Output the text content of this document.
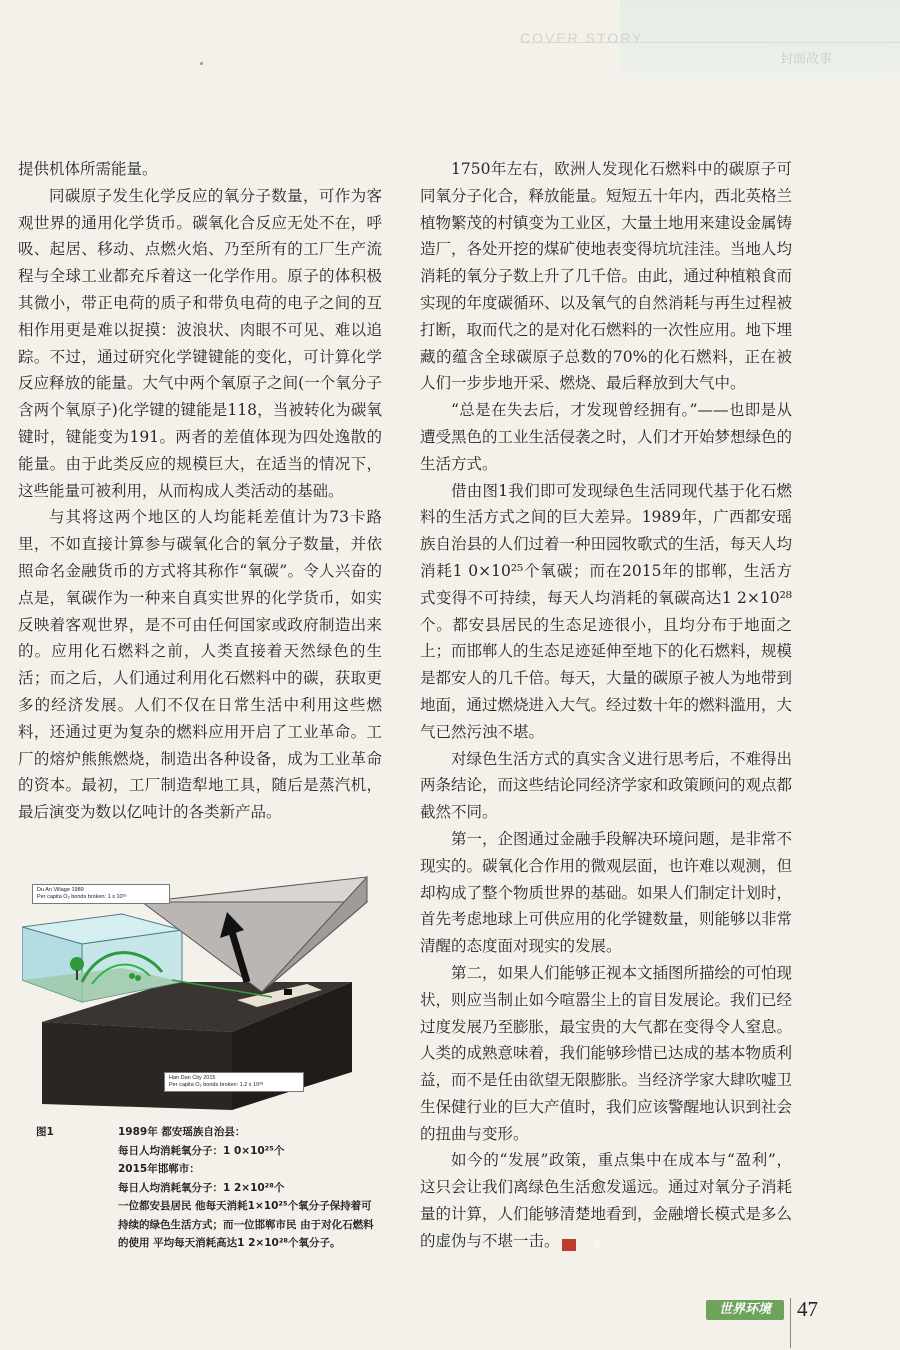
COVER STORY
封面故事

提供机体所需能量。

同碳原子发生化学反应的氧分子数量，可作为客观世界的通用化学货币。碳氧化合反应无处不在，呼吸、起居、移动、点燃火焰、乃至所有的工厂生产流程与全球工业都充斥着这一化学作用。原子的体积极其微小，带正电荷的质子和带负电荷的电子之间的互相作用更是难以捉摸：波浪状、肉眼不可见、难以追踪。不过，通过研究化学键键能的变化，可计算化学反应释放的能量。大气中两个氧原子之间(一个氧分子含两个氧原子)化学键的键能是118，当被转化为碳氧键时，键能变为191。两者的差值体现为四处逸散的能量。由于此类反应的规模巨大，在适当的情况下，这些能量可被利用，从而构成人类活动的基础。

与其将这两个地区的人均能耗差值计为73卡路里，不如直接计算参与碳氧化合的氧分子数量，并依照命名金融货币的方式将其称作“氧碳”。令人兴奋的点是，氧碳作为一种来自真实世界的化学货币，如实反映着客观世界，是不可由任何国家或政府制造出来的。应用化石燃料之前，人类直接着天然绿色的生活；而之后，人们通过利用化石燃料中的碳，获取更多的经济发展。人们不仅在日常生活中利用这些燃料，还通过更为复杂的燃料应用开启了工业革命。工厂的熔炉熊熊燃烧，制造出各种设备，成为工业革命的资本。最初，工厂制造犁地工具，随后是蒸汽机，最后演变为数以亿吨计的各类新产品。

1750年左右，欧洲人发现化石燃料中的碳原子可同氧分子化合，释放能量。短短五十年内，西北英格兰植物繁茂的村镇变为工业区，大量土地用来建设金属铸造厂，各处开挖的煤矿使地表变得坑坑洼洼。当地人均消耗的氧分子数上升了几千倍。由此，通过种植粮食而实现的年度碳循环、以及氧气的自然消耗与再生过程被打断，取而代之的是对化石燃料的一次性应用。地下埋藏的蕴含全球碳原子总数的70%的化石燃料，正在被人们一步步地开采、燃烧、最后释放到大气中。

“总是在失去后，才发现曾经拥有。”——也即是从遭受黑色的工业生活侵袭之时，人们才开始梦想绿色的生活方式。

借由图1我们即可发现绿色生活同现代基于化石燃料的生活方式之间的巨大差异。1989年，广西都安瑶族自治县的人们过着一种田园牧歌式的生活，每天人均消耗1 0×10²⁵个氧碳；而在2015年的邯郸，生活方式变得不可持续，每天人均消耗的氧碳高达1 2×10²⁸个。都安县居民的生态足迹很小，且均分布于地面之上；而邯郸人的生态足迹延伸至地下的化石燃料，规模是都安人的几千倍。每天，大量的碳原子被人为地带到地面，通过燃烧进入大气。经过数十年的燃料滥用，大气已然污浊不堪。

对绿色生活方式的真实含义进行思考后，不难得出两条结论，而这些结论同经济学家和政策顾问的观点都截然不同。

第一，企图通过金融手段解决环境问题，是非常不现实的。碳氧化合作用的微观层面，也许难以观测，但却构成了整个物质世界的基础。如果人们制定计划时，首先考虑地球上可供应用的化学键数量，则能够以非常清醒的态度面对现实的发展。

第二，如果人们能够正视本文插图所描绘的可怕现状，则应当制止如今喧嚣尘上的盲目发展论。我们已经过度发展乃至膨胀，最宝贵的大气都在变得令人窒息。人类的成熟意味着，我们能够珍惜已达成的基本物质利益，而不是任由欲望无限膨胀。当经济学家大肆吹嘘卫生保健行业的巨大产值时，我们应该警醒地认识到社会的扭曲与变形。

如今的“发展”政策，重点集中在成本与“盈利”，这只会让我们离绿色生活愈发遥远。通过对氧分子消耗量的计算，人们能够清楚地看到，金融增长模式是多么的虚伪与不堪一击。	世

Du An Village 1989
Per capita O₂ bonds broken: 1 x 10²⁵
Han Dan City 2015
Per capita O₂ bonds broken: 1.2 x 10²⁸
图1	1989年 都安瑶族自治县：
每日人均消耗氧分子：1 0×10²⁵个
2015年邯郸市：
每日人均消耗氧分子：1 2×10²⁸个
一位都安县居民 他每天消耗1×10²⁵个氧分子保持着可持续的绿色生活方式；而一位邯郸市民 由于对化石燃料的使用 平均每天消耗高达1 2×10²⁸个氧分子。
世界环境	47
